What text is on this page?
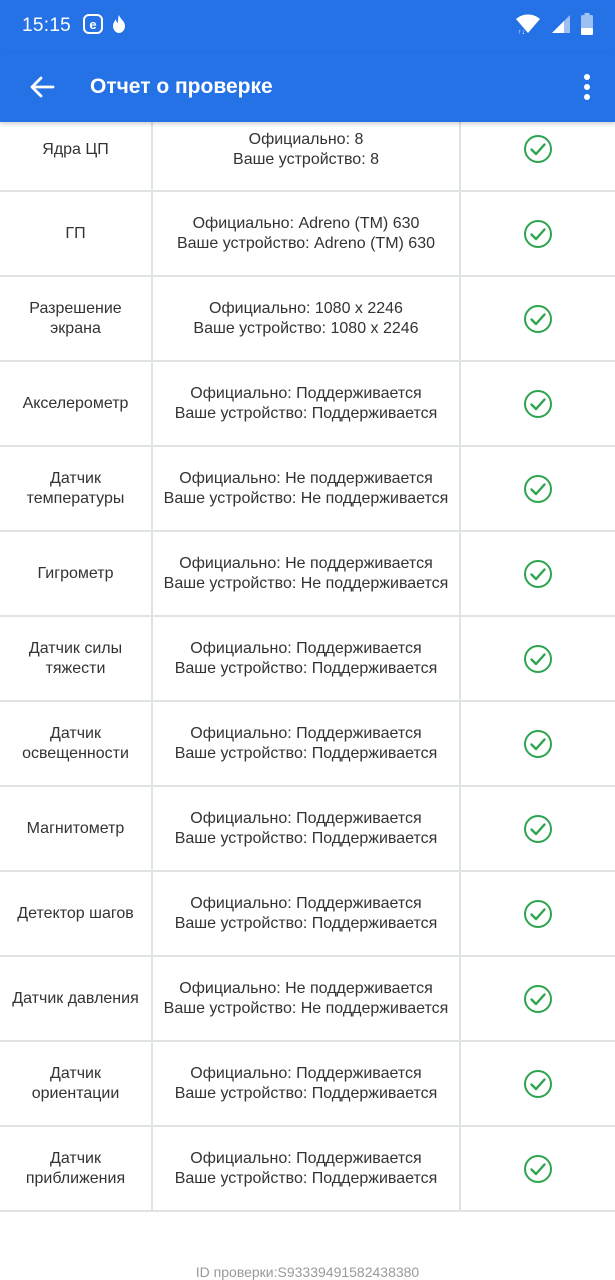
15:15 e
↑↓
Отчет о проверке
Ядра ЦП
Официально: 8
Ваше устройство: 8
ГП
Официально: Adreno (TM) 630
Ваше устройство: Adreno (TM) 630
Разрешение экрана
Официально: 1080 x 2246
Ваше устройство: 1080 x 2246
Акселерометр
Официально: Поддерживается
Ваше устройство: Поддерживается
Датчик температуры
Официально: Не поддерживается
Ваше устройство: Не поддерживается
Гигрометр
Официально: Не поддерживается
Ваше устройство: Не поддерживается
Датчик силы тяжести
Официально: Поддерживается
Ваше устройство: Поддерживается
Датчик освещенности
Официально: Поддерживается
Ваше устройство: Поддерживается
Магнитометр
Официально: Поддерживается
Ваше устройство: Поддерживается
Детектор шагов
Официально: Поддерживается
Ваше устройство: Поддерживается
Датчик давления
Официально: Не поддерживается
Ваше устройство: Не поддерживается
Датчик ориентации
Официально: Поддерживается
Ваше устройство: Поддерживается
Датчик приближения
Официально: Поддерживается
Ваше устройство: Поддерживается
ID проверки:S93339491582438380
